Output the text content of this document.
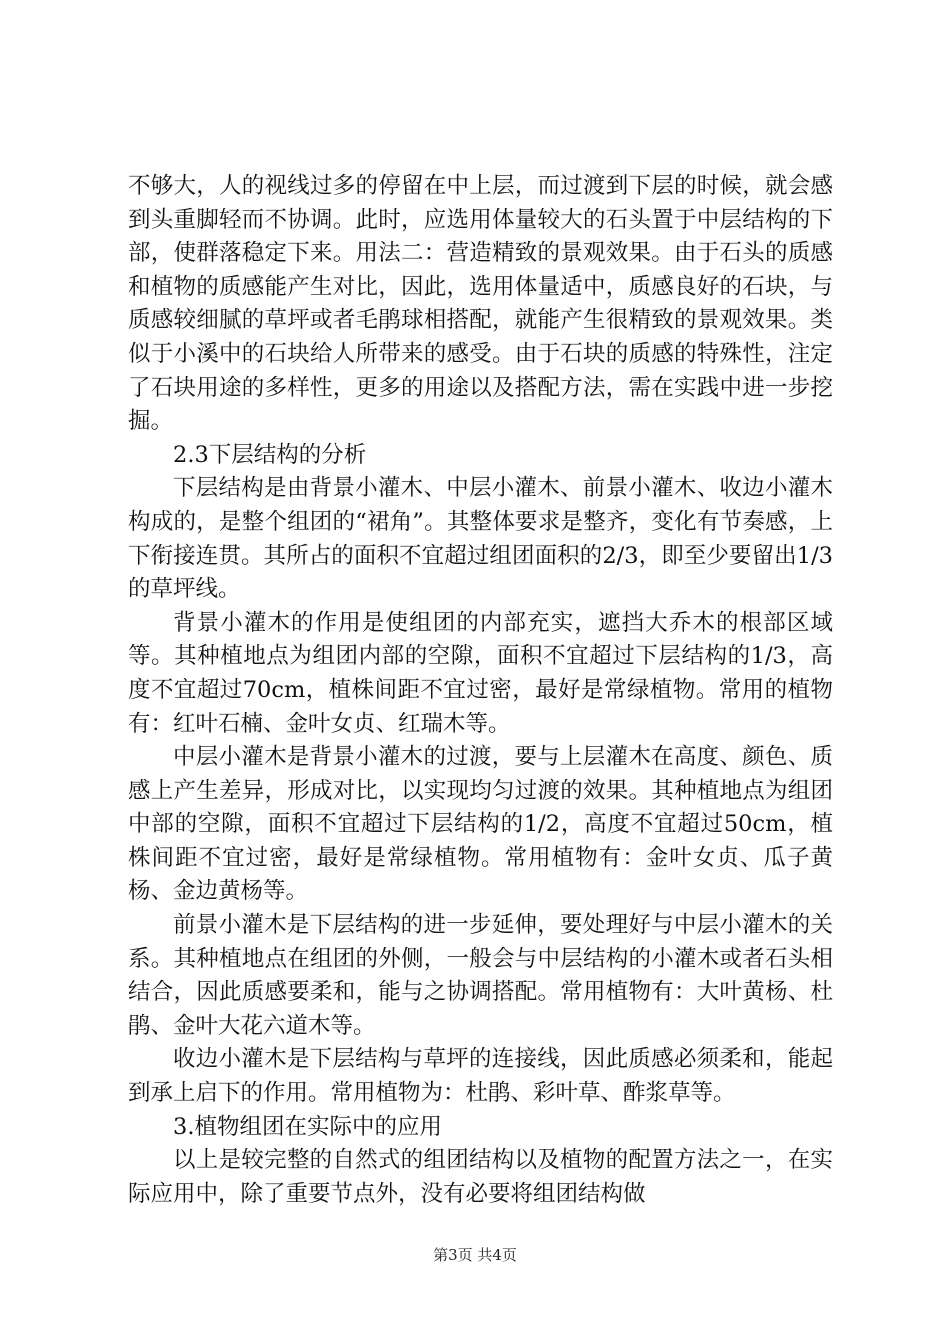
不够大，人的视线过多的停留在中上层，而过渡到下层的时候，就会感到头重脚轻而不协调。此时，应选用体量较大的石头置于中层结构的下部，使群落稳定下来。用法二：营造精致的景观效果。由于石头的质感和植物的质感能产生对比，因此，选用体量适中，质感良好的石块，与质感较细腻的草坪或者毛鹃球相搭配，就能产生很精致的景观效果。类似于小溪中的石块给人所带来的感受。由于石块的质感的特殊性，注定了石块用途的多样性，更多的用途以及搭配方法，需在实践中进一步挖掘。

2.3下层结构的分析

下层结构是由背景小灌木、中层小灌木、前景小灌木、收边小灌木构成的，是整个组团的“裙角”。其整体要求是整齐，变化有节奏感，上下衔接连贯。其所占的面积不宜超过组团面积的2/3，即至少要留出1/3的草坪线。

背景小灌木的作用是使组团的内部充实，遮挡大乔木的根部区域等。其种植地点为组团内部的空隙，面积不宜超过下层结构的1/3，高度不宜超过70cm，植株间距不宜过密，最好是常绿植物。常用的植物有：红叶石楠、金叶女贞、红瑞木等。

中层小灌木是背景小灌木的过渡，要与上层灌木在高度、颜色、质感上产生差异，形成对比，以实现均匀过渡的效果。其种植地点为组团中部的空隙，面积不宜超过下层结构的1/2，高度不宜超过50cm，植株间距不宜过密，最好是常绿植物。常用植物有：金叶女贞、瓜子黄杨、金边黄杨等。

前景小灌木是下层结构的进一步延伸，要处理好与中层小灌木的关系。其种植地点在组团的外侧，一般会与中层结构的小灌木或者石头相结合，因此质感要柔和，能与之协调搭配。常用植物有：大叶黄杨、杜鹃、金叶大花六道木等。

收边小灌木是下层结构与草坪的连接线，因此质感必须柔和，能起到承上启下的作用。常用植物为：杜鹃、彩叶草、酢浆草等。

3.植物组团在实际中的应用

以上是较完整的自然式的组团结构以及植物的配置方法之一，在实际应用中，除了重要节点外，没有必要将组团结构做

第3页 共4页
